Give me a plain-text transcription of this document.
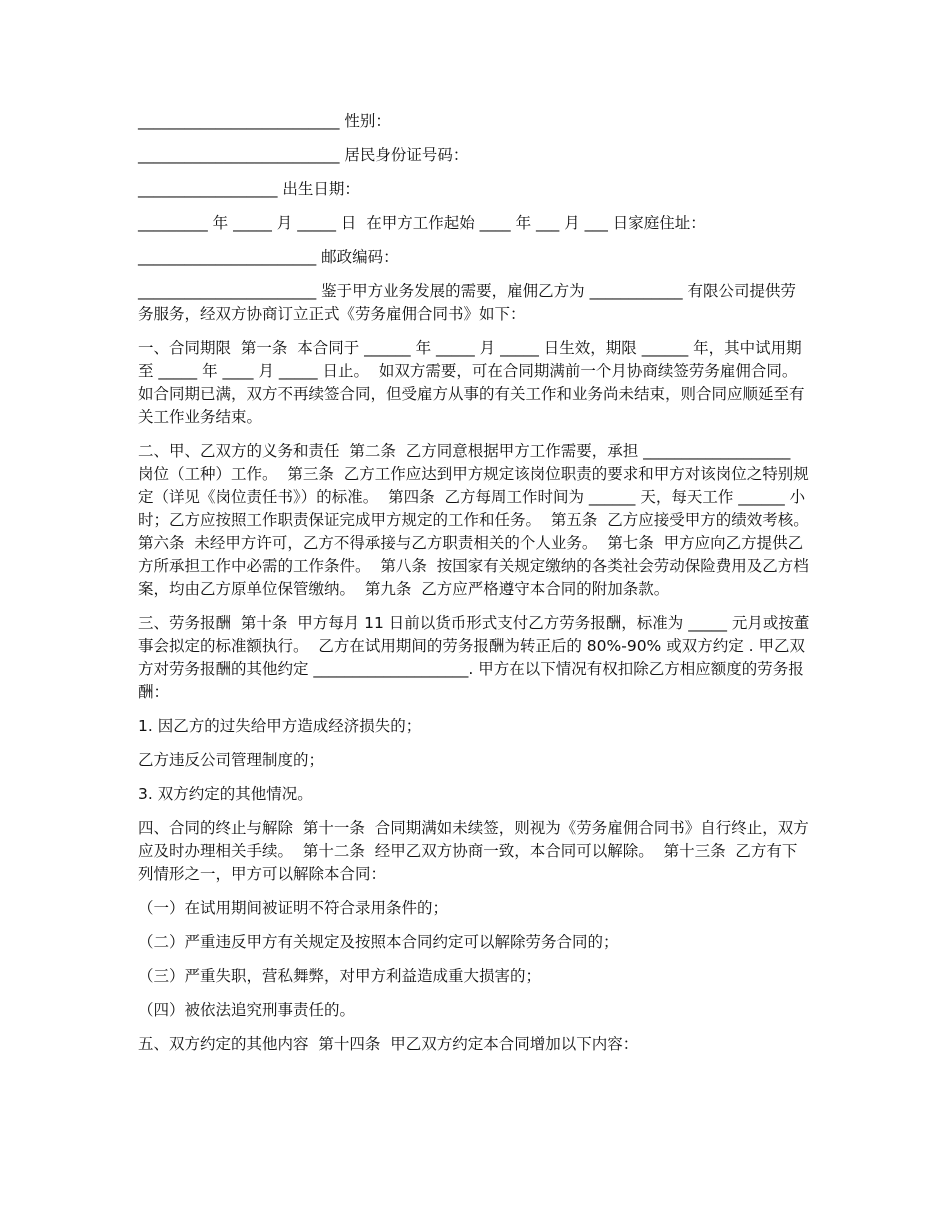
__________________________ 性别：

__________________________ 居民身份证号码：

__________________ 出生日期：

_________ 年 _____ 月 _____ 日  在甲方工作起始 ____ 年 ___ 月 ___ 日家庭住址：

_______________________ 邮政编码：

_______________________ 鉴于甲方业务发展的需要，雇佣乙方为 ____________ 有限公司提供劳务服务，经双方协商订立正式《劳务雇佣合同书》如下：

一、合同期限  第一条  本合同于 ______ 年 _____ 月 _____ 日生效，期限 ______ 年，其中试用期至 _____ 年 ____ 月 _____ 日止。  如双方需要，可在合同期满前一个月协商续签劳务雇佣合同。如合同期已满，双方不再续签合同，但受雇方从事的有关工作和业务尚未结束，则合同应顺延至有关工作业务结束。

二、甲、乙双方的义务和责任  第二条  乙方同意根据甲方工作需要，承担 ___________________ 岗位（工种）工作。  第三条  乙方工作应达到甲方规定该岗位职责的要求和甲方对该岗位之特别规定（详见《岗位责任书》）的标准。  第四条  乙方每周工作时间为 ______ 天，每天工作 ______ 小时；乙方应按照工作职责保证完成甲方规定的工作和任务。  第五条  乙方应接受甲方的绩效考核。  第六条  未经甲方许可，乙方不得承接与乙方职责相关的个人业务。  第七条  甲方应向乙方提供乙方所承担工作中必需的工作条件。  第八条  按国家有关规定缴纳的各类社会劳动保险费用及乙方档案，均由乙方原单位保管缴纳。  第九条  乙方应严格遵守本合同的附加条款。

三、劳务报酬  第十条  甲方每月 11 日前以货币形式支付乙方劳务报酬，标准为 _____ 元月或按董事会拟定的标准额执行。  乙方在试用期间的劳务报酬为转正后的 80%-90% 或双方约定 . 甲乙双方对劳务报酬的其他约定 ____________________. 甲方在以下情况有权扣除乙方相应额度的劳务报酬：

1. 因乙方的过失给甲方造成经济损失的；

乙方违反公司管理制度的；

3. 双方约定的其他情况。

四、合同的终止与解除  第十一条  合同期满如未续签，则视为《劳务雇佣合同书》自行终止，双方应及时办理相关手续。  第十二条  经甲乙双方协商一致，本合同可以解除。  第十三条  乙方有下列情形之一，甲方可以解除本合同：

（一）在试用期间被证明不符合录用条件的；

（二）严重违反甲方有关规定及按照本合同约定可以解除劳务合同的；

（三）严重失职，营私舞弊，对甲方利益造成重大损害的；

（四）被依法追究刑事责任的。

五、双方约定的其他内容  第十四条  甲乙双方约定本合同增加以下内容：
